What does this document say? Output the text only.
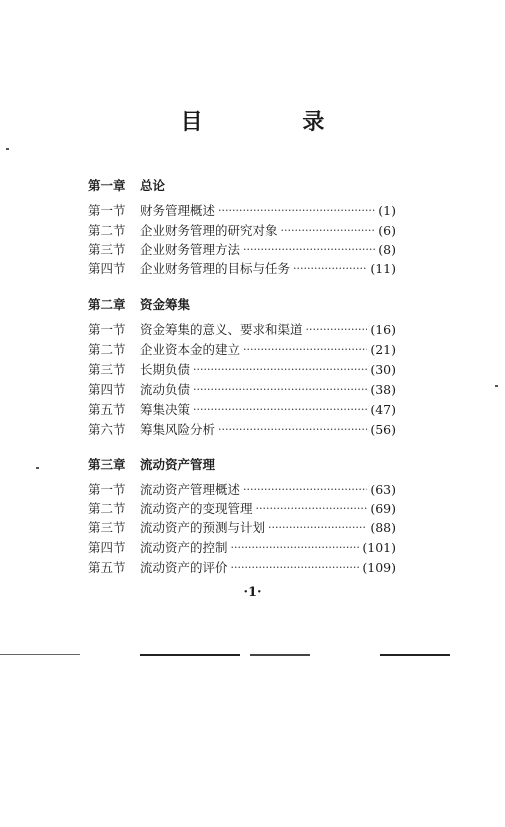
目 录
第一章 总论
第一节	财务管理概述 ·····	(1)
第二节	企业财务管理的研究对象 ·····	(6)
第三节	企业财务管理方法 ·····	(8)
第四节	企业财务管理的目标与任务 ·····	(11)
第二章 资金筹集
第一节	资金筹集的意义、要求和渠道 ·····	(16)
第二节	企业资本金的建立 ·····	(21)
第三节	长期负债 ·····	(30)
第四节	流动负债 ·····	(38)
第五节	筹集决策 ·····	(47)
第六节	筹集风险分析 ·····	(56)
第三章 流动资产管理
第一节	流动资产管理概述 ·····	(63)
第二节	流动资产的变现管理 ·····	(69)
第三节	流动资产的预测与计划 ·····	(88)
第四节	流动资产的控制 ·····	(101)
第五节	流动资产的评价 ·····	(109)
·1·
